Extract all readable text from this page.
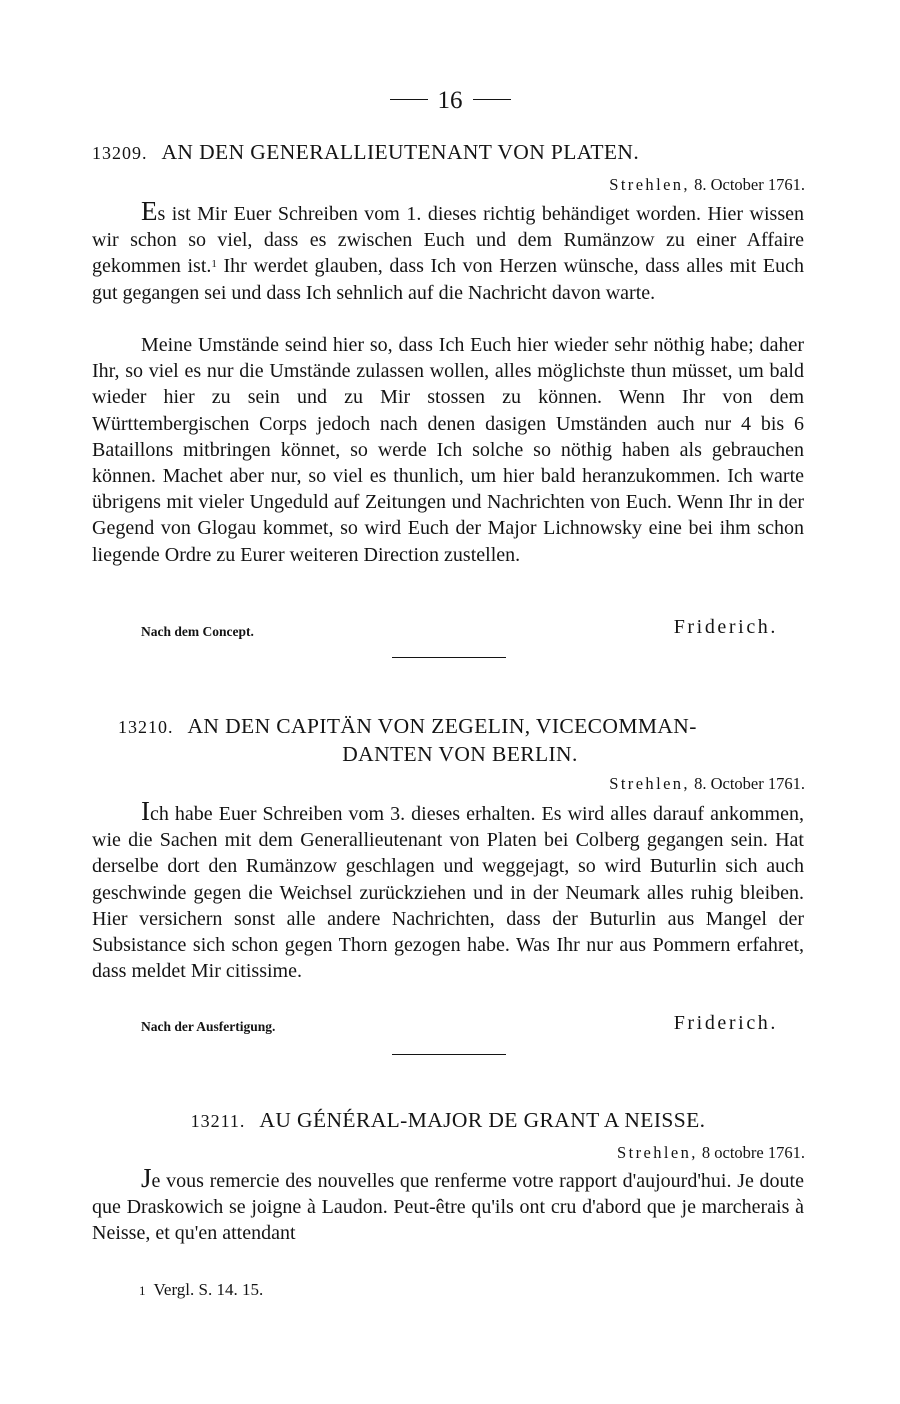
16
13209. AN DEN GENERALLIEUTENANT VON PLATEN.
Strehlen, 8. October 1761.

Es ist Mir Euer Schreiben vom 1. dieses richtig behändiget worden. Hier wissen wir schon so viel, dass es zwischen Euch und dem Rumänzow zu einer Affaire gekommen ist.$^1$ Ihr werdet glauben, dass Ich von Herzen wünsche, dass alles mit Euch gut gegangen sei und dass Ich sehnlich auf die Nachricht davon warte.

Meine Umstände seind hier so, dass Ich Euch hier wieder sehr nöthig habe; daher Ihr, so viel es nur die Umstände zulassen wollen, alles möglichste thun müsset, um bald wieder hier zu sein und zu Mir stossen zu können. Wenn Ihr von dem Württembergischen Corps jedoch nach denen dasigen Umständen auch nur 4 bis 6 Bataillons mitbringen könnet, so werde Ich solche so nöthig haben als gebrauchen können. Machet aber nur, so viel es thunlich, um hier bald heranzukommen. Ich warte übrigens mit vieler Ungeduld auf Zeitungen und Nachrichten von Euch. Wenn Ihr in der Gegend von Glogau kommet, so wird Euch der Major Lichnowsky eine bei ihm schon liegende Ordre zu Eurer weiteren Direction zustellen.

Nach dem Concept.	Friderich.
13210. AN DEN CAPITÄN VON ZEGELIN, VICECOMMAN-
DANTEN VON BERLIN.
Strehlen, 8. October 1761.

Ich habe Euer Schreiben vom 3. dieses erhalten. Es wird alles darauf ankommen, wie die Sachen mit dem Generallieutenant von Platen bei Colberg gegangen sein. Hat derselbe dort den Rumänzow geschlagen und weggejagt, so wird Buturlin sich auch geschwinde gegen die Weichsel zurückziehen und in der Neumark alles ruhig bleiben. Hier versichern sonst alle andere Nachrichten, dass der Buturlin aus Mangel der Subsistance sich schon gegen Thorn gezogen habe. Was Ihr nur aus Pommern erfahret, dass meldet Mir citissime.

Nach der Ausfertigung.	Friderich.
13211. AU GÉNÉRAL-MAJOR DE GRANT A NEISSE.
Strehlen, 8 octobre 1761.

Je vous remercie des nouvelles que renferme votre rapport d'aujourd'hui. Je doute que Draskowich se joigne à Laudon. Peut-être qu'ils ont cru d'abord que je marcherais à Neisse, et qu'en attendant

1 Vergl. S. 14. 15.
